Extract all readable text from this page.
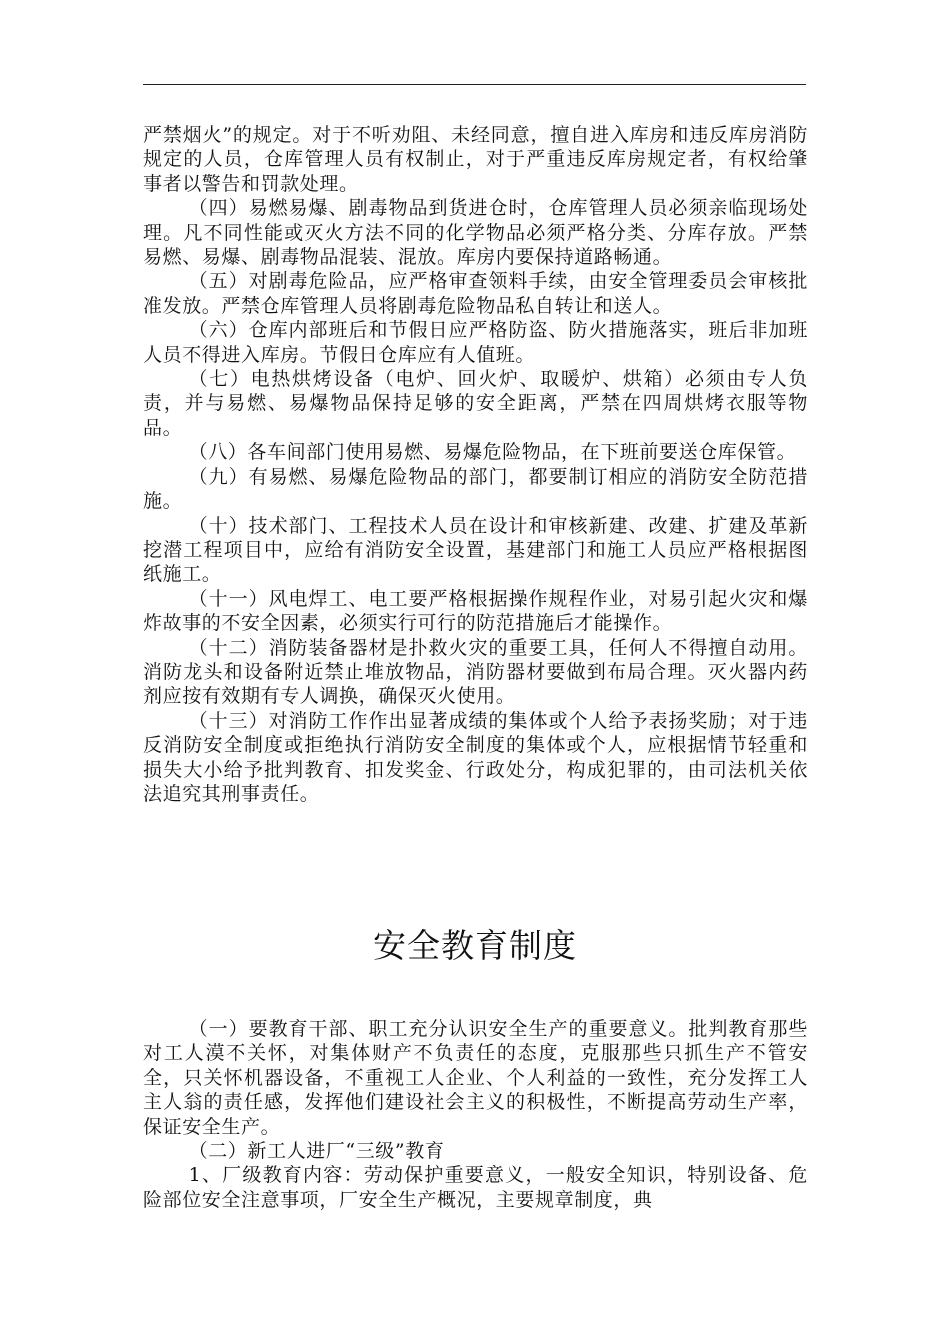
严禁烟火”的规定。对于不听劝阻、未经同意，擅自进入库房和违反库房消防规定的人员，仓库管理人员有权制止，对于严重违反库房规定者，有权给肇事者以警告和罚款处理。

（四）易燃易爆、剧毒物品到货进仓时，仓库管理人员必须亲临现场处理。凡不同性能或灭火方法不同的化学物品必须严格分类、分库存放。严禁易燃、易爆、剧毒物品混装、混放。库房内要保持道路畅通。

（五）对剧毒危险品，应严格审查领料手续，由安全管理委员会审核批准发放。严禁仓库管理人员将剧毒危险物品私自转让和送人。

（六）仓库内部班后和节假日应严格防盗、防火措施落实，班后非加班人员不得进入库房。节假日仓库应有人值班。

（七）电热烘烤设备（电炉、回火炉、取暖炉、烘箱）必须由专人负责，并与易燃、易爆物品保持足够的安全距离，严禁在四周烘烤衣服等物品。

（八）各车间部门使用易燃、易爆危险物品，在下班前要送仓库保管。

（九）有易燃、易爆危险物品的部门，都要制订相应的消防安全防范措施。

（十）技术部门、工程技术人员在设计和审核新建、改建、扩建及革新挖潜工程项目中，应给有消防安全设置，基建部门和施工人员应严格根据图纸施工。

（十一）风电焊工、电工要严格根据操作规程作业，对易引起火灾和爆炸故事的不安全因素，必须实行可行的防范措施后才能操作。

（十二）消防装备器材是扑救火灾的重要工具，任何人不得擅自动用。消防龙头和设备附近禁止堆放物品，消防器材要做到布局合理。灭火器内药剂应按有效期有专人调换，确保灭火使用。

（十三）对消防工作作出显著成绩的集体或个人给予表扬奖励；对于违反消防安全制度或拒绝执行消防安全制度的集体或个人，应根据情节轻重和损失大小给予批判教育、扣发奖金、行政处分，构成犯罪的，由司法机关依法追究其刑事责任。

安全教育制度

（一）要教育干部、职工充分认识安全生产的重要意义。批判教育那些对工人漠不关怀，对集体财产不负责任的态度，克服那些只抓生产不管安全，只关怀机器设备，不重视工人企业、个人利益的一致性，充分发挥工人主人翁的责任感，发挥他们建设社会主义的积极性，不断提高劳动生产率，保证安全生产。

（二）新工人进厂“三级”教育

1、厂级教育内容：劳动保护重要意义，一般安全知识，特别设备、危险部位安全注意事项，厂安全生产概况，主要规章制度，典
